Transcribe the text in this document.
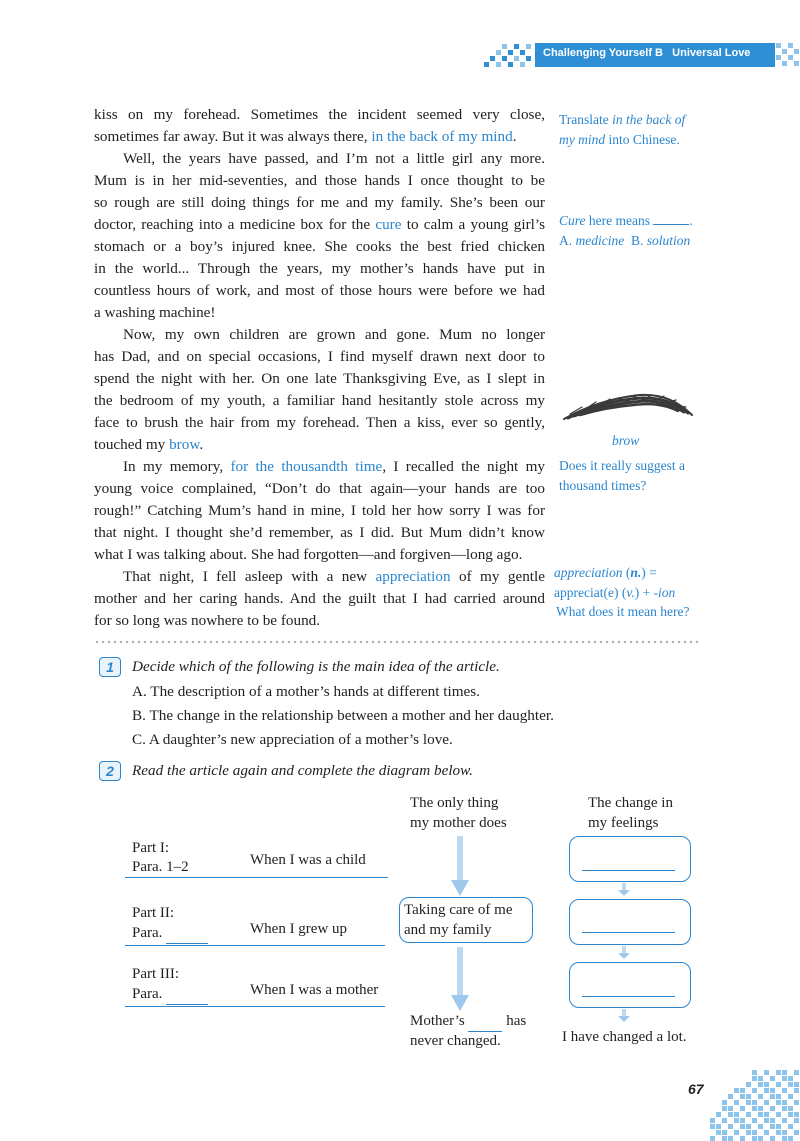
Challenging Yourself B Universal Love
kiss on my forehead. Sometimes the incident seemed very close,
sometimes far away. But it was always there, in the back of my mind.
Well, the years have passed, and I’m not a little girl any more.
Mum is in her mid-seventies, and those hands I once thought to be
so rough are still doing things for me and my family. She’s been our
doctor, reaching into a medicine box for the cure to calm a young girl’s
stomach or a boy’s injured knee. She cooks the best fried chicken
in the world... Through the years, my mother’s hands have put in
countless hours of work, and most of those hours were before we had
a washing machine!
Now, my own children are grown and gone. Mum no longer
has Dad, and on special occasions, I find myself drawn next door to
spend the night with her. On one late Thanksgiving Eve, as I slept in
the bedroom of my youth, a familiar hand hesitantly stole across my
face to brush the hair from my forehead. Then a kiss, ever so gently,
touched my brow.
In my memory, for the thousandth time, I recalled the night my
young voice complained, “Don’t do that again—your hands are too
rough!” Catching Mum’s hand in mine, I told her how sorry I was for
that night. I thought she’d remember, as I did. But Mum didn’t know
what I was talking about. She had forgotten—and forgiven—long ago.
That night, I fell asleep with a new appreciation of my gentle
mother and her caring hands. And the guilt that I had carried around
for so long was nowhere to be found.
Translate in the back of
my mind into Chinese.
Cure here means	.
A. medicine B. solution
brow
Does it really suggest a
thousand times?
appreciation (n.) =
appreciat(e) (v.) + -ion
What does it mean here?
1	Decide which of the following is the main idea of the article.
A. The description of a mother’s hands at different times.
B. The change in the relationship between a mother and her daughter.
C. A daughter’s new appreciation of a mother’s love.
2	Read the article again and complete the diagram below.
The only thing
my mother does
The change in
my feelings
Part I:
Para. 1–2	When I was a child
Part II:
Para.	When I grew up
Part III:
Para.	When I was a mother
Taking care of me
and my family
Mother’s	has
never changed.	I have changed a lot.
67
